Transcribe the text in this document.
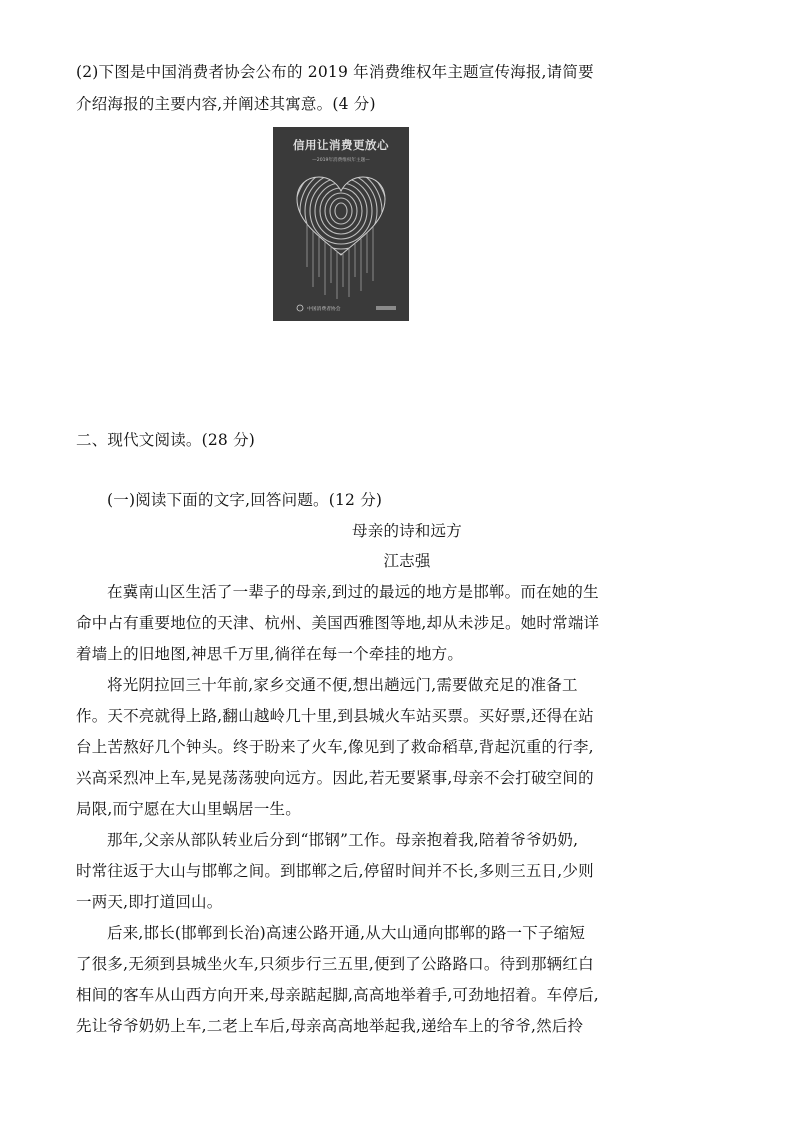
(2)下图是中国消费者协会公布的 2019 年消费维权年主题宣传海报,请简要
介绍海报的主要内容,并阐述其寓意。(4 分)
信用让消费更放心
—2019年消费维权年主题—
中国消费者协会
二、现代文阅读。(28 分)
(一)阅读下面的文字,回答问题。(12 分)
母亲的诗和远方
江志强
在冀南山区生活了一辈子的母亲,到过的最远的地方是邯郸。而在她的生
命中占有重要地位的天津、杭州、美国西雅图等地,却从未涉足。她时常端详
着墙上的旧地图,神思千万里,徜徉在每一个牵挂的地方。
将光阴拉回三十年前,家乡交通不便,想出趟远门,需要做充足的准备工
作。天不亮就得上路,翻山越岭几十里,到县城火车站买票。买好票,还得在站
台上苦熬好几个钟头。终于盼来了火车,像见到了救命稻草,背起沉重的行李,
兴高采烈冲上车,晃晃荡荡驶向远方。因此,若无要紧事,母亲不会打破空间的
局限,而宁愿在大山里蜗居一生。
那年,父亲从部队转业后分到“邯钢”工作。母亲抱着我,陪着爷爷奶奶,
时常往返于大山与邯郸之间。到邯郸之后,停留时间并不长,多则三五日,少则
一两天,即打道回山。
后来,邯长(邯郸到长治)高速公路开通,从大山通向邯郸的路一下子缩短
了很多,无须到县城坐火车,只须步行三五里,便到了公路路口。待到那辆红白
相间的客车从山西方向开来,母亲踮起脚,高高地举着手,可劲地招着。车停后,
先让爷爷奶奶上车,二老上车后,母亲高高地举起我,递给车上的爷爷,然后拎
